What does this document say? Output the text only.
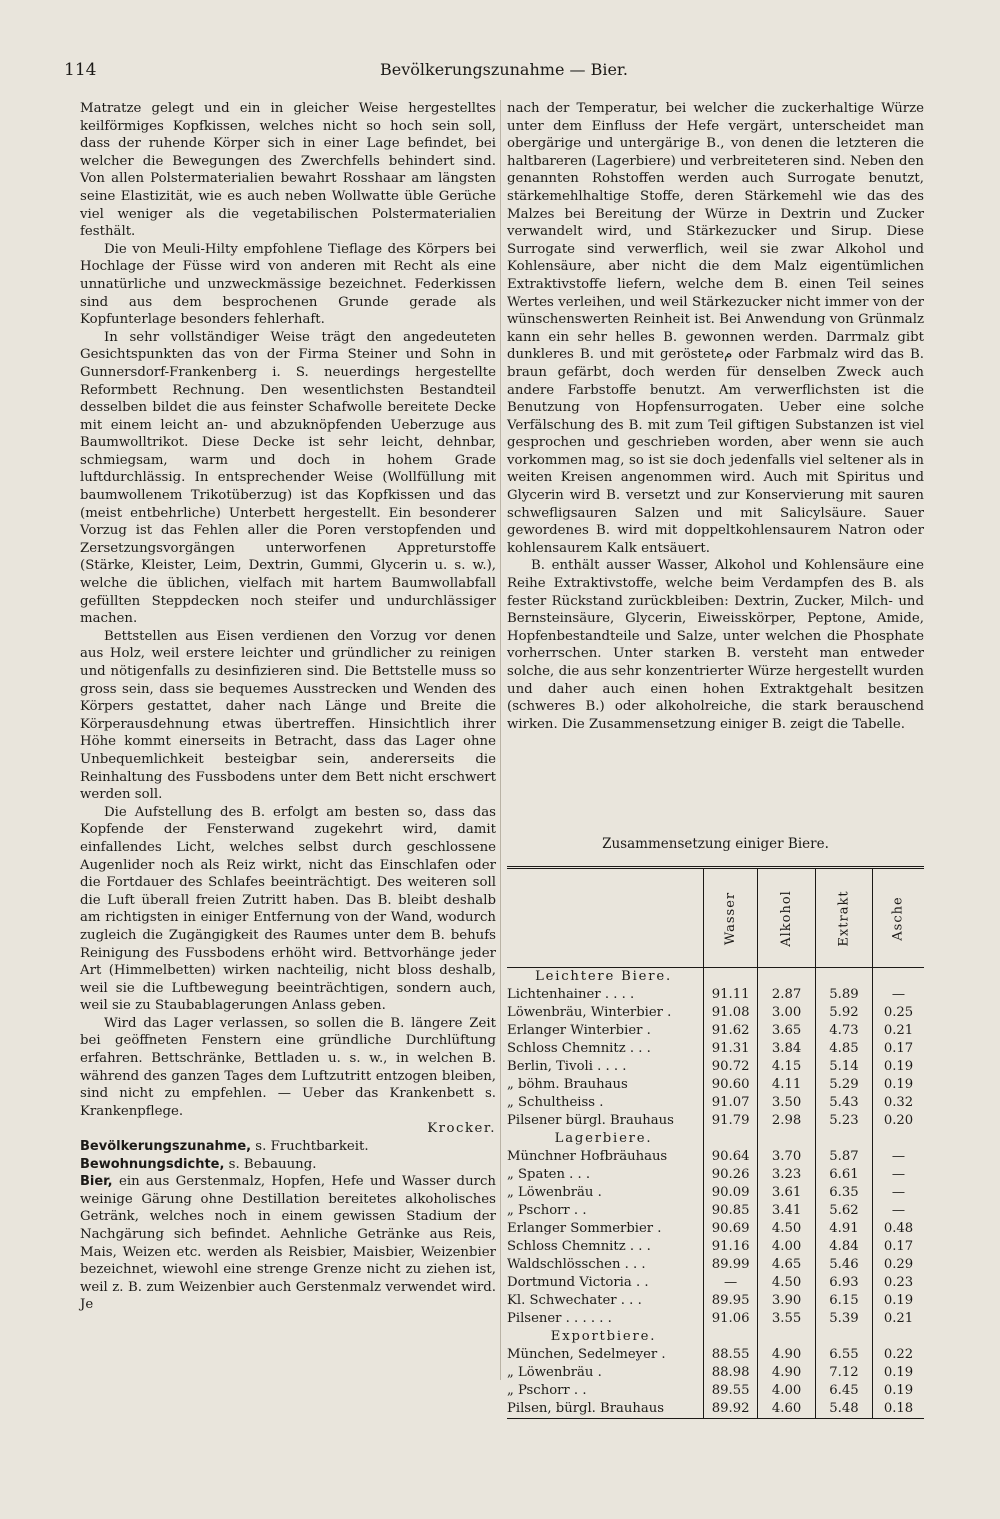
114	Bevölkerungszunahme — Bier.

Matratze gelegt und ein in gleicher Weise hergestelltes keilförmiges Kopfkissen, welches nicht so hoch sein soll, dass der ruhende Körper sich in einer Lage befindet, bei welcher die Bewegungen des Zwerchfells behindert sind. Von allen Polstermaterialien bewahrt Rosshaar am längsten seine Elastizität, wie es auch neben Wollwatte üble Gerüche viel weniger als die vegetabilischen Polstermaterialien festhält.

Die von Meuli-Hilty empfohlene Tieflage des Körpers bei Hochlage der Füsse wird von anderen mit Recht als eine unnatürliche und unzweckmässige bezeichnet. Federkissen sind aus dem besprochenen Grunde gerade als Kopfunterlage besonders fehlerhaft.

In sehr vollständiger Weise trägt den angedeuteten Gesichtspunkten das von der Firma Steiner und Sohn in Gunnersdorf-Frankenberg i. S. neuerdings hergestellte Reformbett Rechnung. Den wesentlichsten Bestandteil desselben bildet die aus feinster Schafwolle bereitete Decke mit einem leicht an- und abzuknöpfenden Ueberzuge aus Baumwolltrikot. Diese Decke ist sehr leicht, dehnbar, schmiegsam, warm und doch in hohem Grade luftdurchlässig. In entsprechender Weise (Wollfüllung mit baumwollenem Trikotüberzug) ist das Kopfkissen und das (meist entbehrliche) Unterbett hergestellt. Ein besonderer Vorzug ist das Fehlen aller die Poren verstopfenden und Zersetzungsvorgängen unterworfenen Appreturstoffe (Stärke, Kleister, Leim, Dextrin, Gummi, Glycerin u. s. w.), welche die üblichen, vielfach mit hartem Baumwollabfall gefüllten Steppdecken noch steifer und undurchlässiger machen.

Bettstellen aus Eisen verdienen den Vorzug vor denen aus Holz, weil erstere leichter und gründlicher zu reinigen und nötigenfalls zu desinfizieren sind. Die Bettstelle muss so gross sein, dass sie bequemes Ausstrecken und Wenden des Körpers gestattet, daher nach Länge und Breite die Körperausdehnung etwas übertreffen. Hinsichtlich ihrer Höhe kommt einerseits in Betracht, dass das Lager ohne Unbequemlichkeit besteigbar sein, andererseits die Reinhaltung des Fussbodens unter dem Bett nicht erschwert werden soll.

Die Aufstellung des B. erfolgt am besten so, dass das Kopfende der Fensterwand zugekehrt wird, damit einfallendes Licht, welches selbst durch geschlossene Augenlider noch als Reiz wirkt, nicht das Einschlafen oder die Fortdauer des Schlafes beeinträchtigt. Des weiteren soll die Luft überall freien Zutritt haben. Das B. bleibt deshalb am richtigsten in einiger Entfernung von der Wand, wodurch zugleich die Zugängigkeit des Raumes unter dem B. behufs Reinigung des Fussbodens erhöht wird. Bettvorhänge jeder Art (Himmelbetten) wirken nachteilig, nicht bloss deshalb, weil sie die Luftbewegung beeinträchtigen, sondern auch, weil sie zu Staubablagerungen Anlass geben.

Wird das Lager verlassen, so sollen die B. längere Zeit bei geöffneten Fenstern eine gründliche Durchlüftung erfahren. Bettschränke, Bettladen u. s. w., in welchen B. während des ganzen Tages dem Luftzutritt entzogen bleiben, sind nicht zu empfehlen. — Ueber das Krankenbett s. Krankenpflege.

Krocker.

Bevölkerungszunahme, s. Fruchtbarkeit.

Bewohnungsdichte, s. Bebauung.

Bier, ein aus Gerstenmalz, Hopfen, Hefe und Wasser durch weinige Gärung ohne Destillation bereitetes alkoholisches Getränk, welches noch in einem gewissen Stadium der Nachgärung sich befindet. Aehnliche Getränke aus Reis, Mais, Weizen etc. werden als Reisbier, Maisbier, Weizenbier bezeichnet, wiewohl eine strenge Grenze nicht zu ziehen ist, weil z. B. zum Weizenbier auch Gerstenmalz verwendet wird. Je

nach der Temperatur, bei welcher die zuckerhaltige Würze unter dem Einfluss der Hefe vergärt, unterscheidet man obergärige und untergärige B., von denen die letzteren die haltbareren (Lagerbiere) und verbreiteteren sind. Neben den genannten Rohstoffen werden auch Surrogate benutzt, stärkemehlhaltige Stoffe, deren Stärkemehl wie das des Malzes bei Bereitung der Würze in Dextrin und Zucker verwandelt wird, und Stärkezucker und Sirup. Diese Surrogate sind verwerflich, weil sie zwar Alkohol und Kohlensäure, aber nicht die dem Malz eigentümlichen Extraktivstoffe liefern, welche dem B. einen Teil seines Wertes verleihen, und weil Stärkezucker nicht immer von der wünschenswerten Reinheit ist. Bei Anwendung von Grünmalz kann ein sehr helles B. gewonnen werden. Darrmalz gibt dunkleres B. und mit gerösteteم oder Farbmalz wird das B. braun gefärbt, doch werden für denselben Zweck auch andere Farbstoffe benutzt. Am verwerflichsten ist die Benutzung von Hopfensurrogaten. Ueber eine solche Verfälschung des B. mit zum Teil giftigen Substanzen ist viel gesprochen und geschrieben worden, aber wenn sie auch vorkommen mag, so ist sie doch jedenfalls viel seltener als in weiten Kreisen angenommen wird. Auch mit Spiritus und Glycerin wird B. versetzt und zur Konservierung mit sauren schwefligsauren Salzen und mit Salicylsäure. Sauer gewordenes B. wird mit doppeltkohlensaurem Natron oder kohlensaurem Kalk entsäuert.

B. enthält ausser Wasser, Alkohol und Kohlensäure eine Reihe Extraktivstoffe, welche beim Verdampfen des B. als fester Rückstand zurückbleiben: Dextrin, Zucker, Milch- und Bernsteinsäure, Glycerin, Eiweisskörper, Peptone, Amide, Hopfenbestandteile und Salze, unter welchen die Phosphate vorherrschen. Unter starken B. versteht man entweder solche, die aus sehr konzentrierter Würze hergestellt wurden und daher auch einen hohen Extraktgehalt besitzen (schweres B.) oder alkoholreiche, die stark berauschend wirken. Die Zusammensetzung einiger B. zeigt die Tabelle.

Zusammensetzung einiger Biere.
	Wasser	Alkohol	Extrakt	Asche
Leichtere Biere.				
Lichtenhainer . . . .	91.11	2.87	5.89	—
Löwenbräu, Winterbier .	91.08	3.00	5.92	0.25
Erlanger Winterbier .	91.62	3.65	4.73	0.21
Schloss Chemnitz . . .	91.31	3.84	4.85	0.17
Berlin, Tivoli . . . .	90.72	4.15	5.14	0.19
„ böhm. Brauhaus	90.60	4.11	5.29	0.19
„ Schultheiss .	91.07	3.50	5.43	0.32
Pilsener bürgl. Brauhaus	91.79	2.98	5.23	0.20
Lagerbiere.				
Münchner Hofbräuhaus	90.64	3.70	5.87	—
„ Spaten . . .	90.26	3.23	6.61	—
„ Löwenbräu .	90.09	3.61	6.35	—
„ Pschorr . .	90.85	3.41	5.62	—
Erlanger Sommerbier .	90.69	4.50	4.91	0.48
Schloss Chemnitz . . .	91.16	4.00	4.84	0.17
Waldschlösschen . . .	89.99	4.65	5.46	0.29
Dortmund Victoria . .	—	4.50	6.93	0.23
Kl. Schwechater . . .	89.95	3.90	6.15	0.19
Pilsener . . . . . .	91.06	3.55	5.39	0.21
Exportbiere.				
München, Sedelmeyer .	88.55	4.90	6.55	0.22
„ Löwenbräu .	88.98	4.90	7.12	0.19
„ Pschorr . .	89.55	4.00	6.45	0.19
Pilsen, bürgl. Brauhaus	89.92	4.60	5.48	0.18
